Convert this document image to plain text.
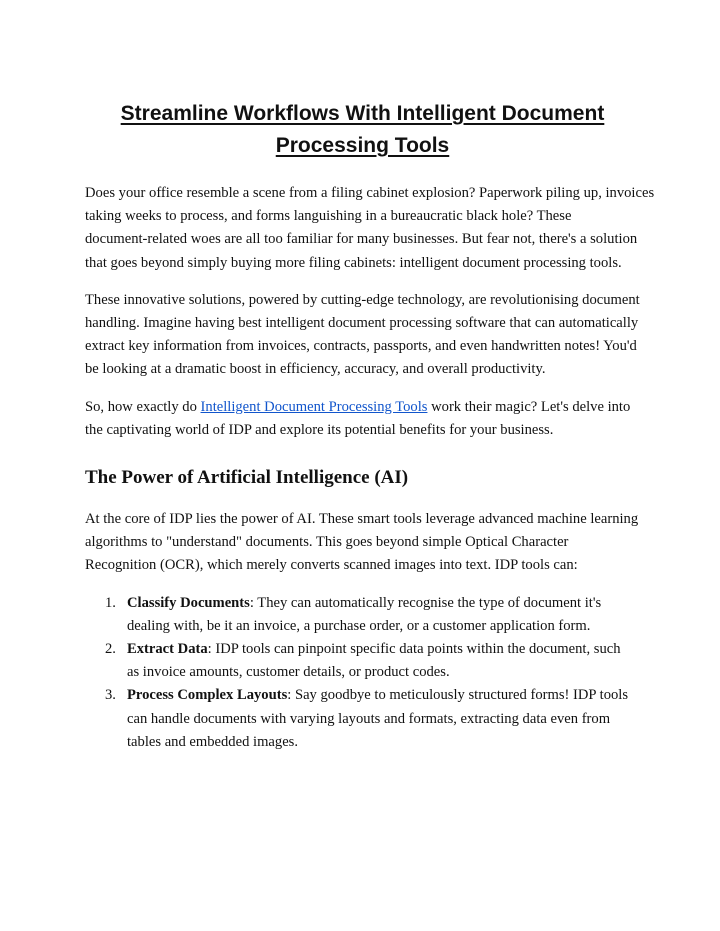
Streamline Workflows With Intelligent Document
Processing Tools

Does your office resemble a scene from a filing cabinet explosion? Paperwork piling up, invoices
taking weeks to process, and forms languishing in a bureaucratic black hole? These
document-related woes are all too familiar for many businesses. But fear not, there's a solution
that goes beyond simply buying more filing cabinets: intelligent document processing tools.

These innovative solutions, powered by cutting-edge technology, are revolutionising document
handling. Imagine having best intelligent document processing software that can automatically
extract key information from invoices, contracts, passports, and even handwritten notes! You'd
be looking at a dramatic boost in efficiency, accuracy, and overall productivity.

So, how exactly do Intelligent Document Processing Tools work their magic? Let's delve into
the captivating world of IDP and explore its potential benefits for your business.

The Power of Artificial Intelligence (AI)

At the core of IDP lies the power of AI. These smart tools leverage advanced machine learning
algorithms to "understand" documents. This goes beyond simple Optical Character
Recognition (OCR), which merely converts scanned images into text. IDP tools can:

1. Classify Documents: They can automatically recognise the type of document it's
dealing with, be it an invoice, a purchase order, or a customer application form.
2. Extract Data: IDP tools can pinpoint specific data points within the document, such
as invoice amounts, customer details, or product codes.
3. Process Complex Layouts: Say goodbye to meticulously structured forms! IDP tools
can handle documents with varying layouts and formats, extracting data even from
tables and embedded images.
